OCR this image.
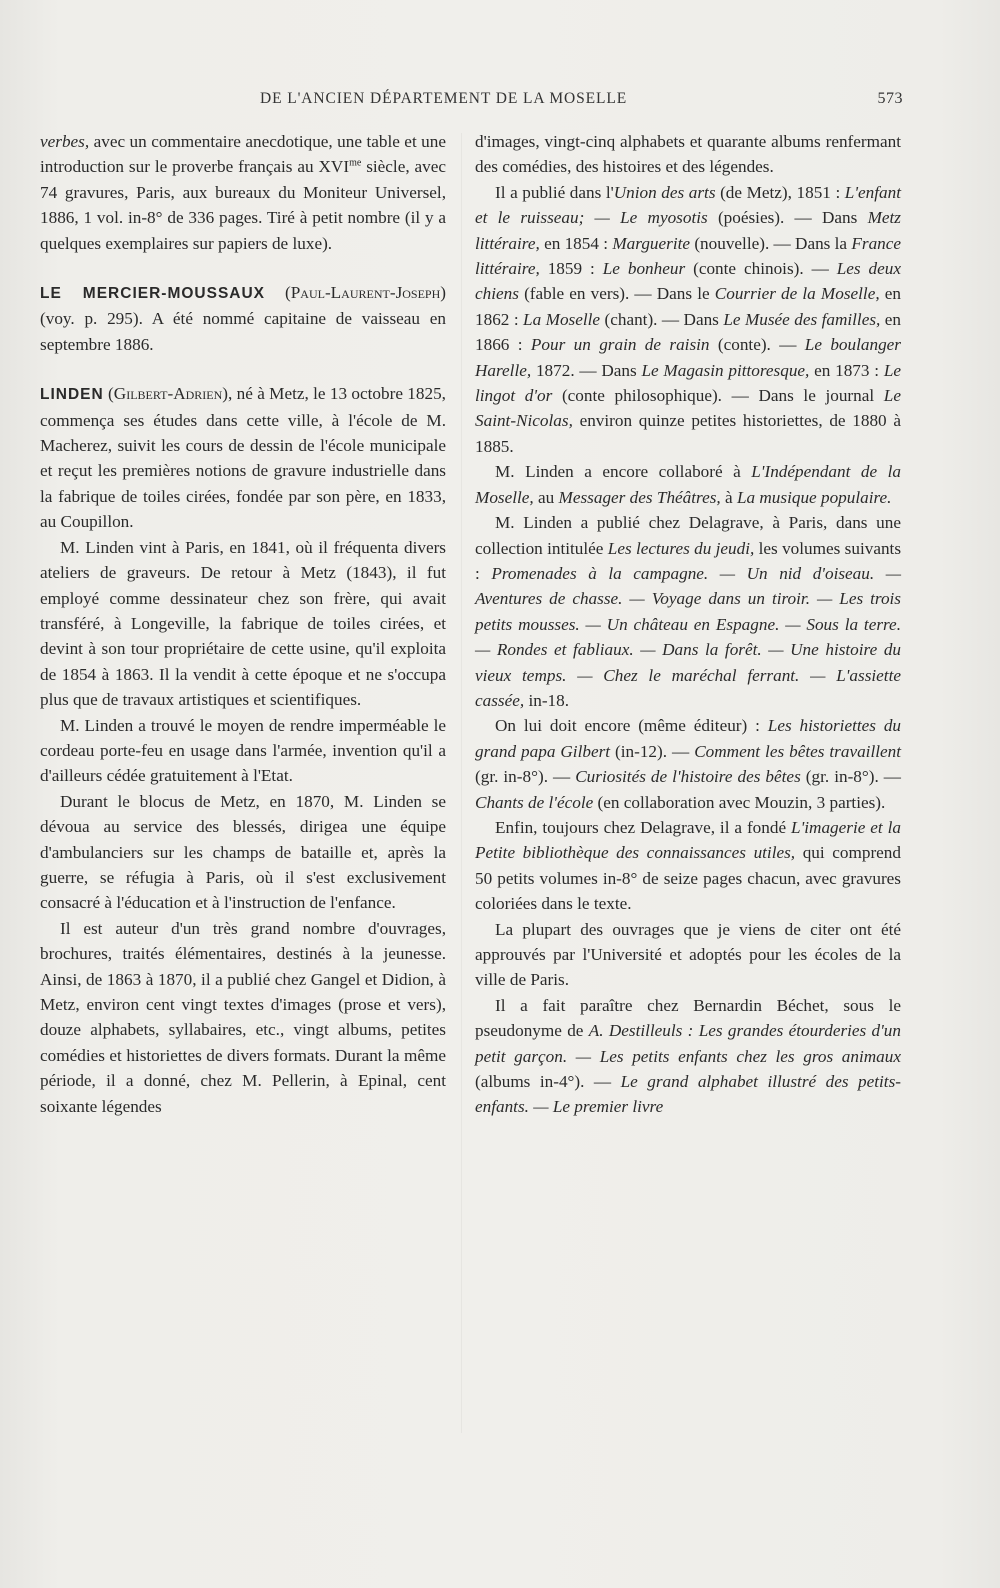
DE L'ANCIEN DÉPARTEMENT DE LA MOSELLE	573

verbes, avec un commentaire anecdotique, une table et une introduction sur le proverbe français au $XVI^{me}$ siècle, avec 74 gravures, Paris, aux bureaux du Moniteur Universel, 1886, 1 vol. in-8° de 336 pages. Tiré à petit nombre (il y a quelques exemplaires sur papiers de luxe).

LE MERCIER-MOUSSAUX (Paul-Laurent-Joseph) (voy. p. 295). A été nommé capitaine de vaisseau en septembre 1886.

LINDEN (Gilbert-Adrien), né à Metz, le 13 octobre 1825, commença ses études dans cette ville, à l'école de M. Macherez, suivit les cours de dessin de l'école municipale et reçut les premières notions de gravure industrielle dans la fabrique de toiles cirées, fondée par son père, en 1833, au Coupillon.

M. Linden vint à Paris, en 1841, où il fréquenta divers ateliers de graveurs. De retour à Metz (1843), il fut employé comme dessinateur chez son frère, qui avait transféré, à Longeville, la fabrique de toiles cirées, et devint à son tour propriétaire de cette usine, qu'il exploita de 1854 à 1863. Il la vendit à cette époque et ne s'occupa plus que de travaux artistiques et scientifiques.

M. Linden a trouvé le moyen de rendre imperméable le cordeau porte-feu en usage dans l'armée, invention qu'il a d'ailleurs cédée gratuitement à l'Etat.

Durant le blocus de Metz, en 1870, M. Linden se dévoua au service des blessés, dirigea une équipe d'ambulanciers sur les champs de bataille et, après la guerre, se réfugia à Paris, où il s'est exclusivement consacré à l'éducation et à l'instruction de l'enfance.

Il est auteur d'un très grand nombre d'ouvrages, brochures, traités élémentaires, destinés à la jeunesse. Ainsi, de 1863 à 1870, il a publié chez Gangel et Didion, à Metz, environ cent vingt textes d'images (prose et vers), douze alphabets, syllabaires, etc., vingt albums, petites comédies et historiettes de divers formats. Durant la même période, il a donné, chez M. Pellerin, à Epinal, cent soixante légendes

d'images, vingt-cinq alphabets et quarante albums renfermant des comédies, des histoires et des légendes.

Il a publié dans l'Union des arts (de Metz), 1851 : L'enfant et le ruisseau; — Le myosotis (poésies). — Dans Metz littéraire, en 1854 : Marguerite (nouvelle). — Dans la France littéraire, 1859 : Le bonheur (conte chinois). — Les deux chiens (fable en vers). — Dans le Courrier de la Moselle, en 1862 : La Moselle (chant). — Dans Le Musée des familles, en 1866 : Pour un grain de raisin (conte). — Le boulanger Harelle, 1872. — Dans Le Magasin pittoresque, en 1873 : Le lingot d'or (conte philosophique). — Dans le journal Le Saint-Nicolas, environ quinze petites historiettes, de 1880 à 1885.

M. Linden a encore collaboré à L'Indépendant de la Moselle, au Messager des Théâtres, à La musique populaire.

M. Linden a publié chez Delagrave, à Paris, dans une collection intitulée Les lectures du jeudi, les volumes suivants : Promenades à la campagne. — Un nid d'oiseau. — Aventures de chasse. — Voyage dans un tiroir. — Les trois petits mousses. — Un château en Espagne. — Sous la terre. — Rondes et fabliaux. — Dans la forêt. — Une histoire du vieux temps. — Chez le maréchal ferrant. — L'assiette cassée, in-18.

On lui doit encore (même éditeur) : Les historiettes du grand papa Gilbert (in-12). — Comment les bêtes travaillent (gr. in-8°). — Curiosités de l'histoire des bêtes (gr. in-8°). — Chants de l'école (en collaboration avec Mouzin, 3 parties).

Enfin, toujours chez Delagrave, il a fondé L'imagerie et la Petite bibliothèque des connaissances utiles, qui comprend 50 petits volumes in-8° de seize pages chacun, avec gravures coloriées dans le texte.

La plupart des ouvrages que je viens de citer ont été approuvés par l'Université et adoptés pour les écoles de la ville de Paris.

Il a fait paraître chez Bernardin Béchet, sous le pseudonyme de A. Destilleuls : Les grandes étourderies d'un petit garçon. — Les petits enfants chez les gros animaux (albums in-4°). — Le grand alphabet illustré des petits-enfants. — Le premier livre
